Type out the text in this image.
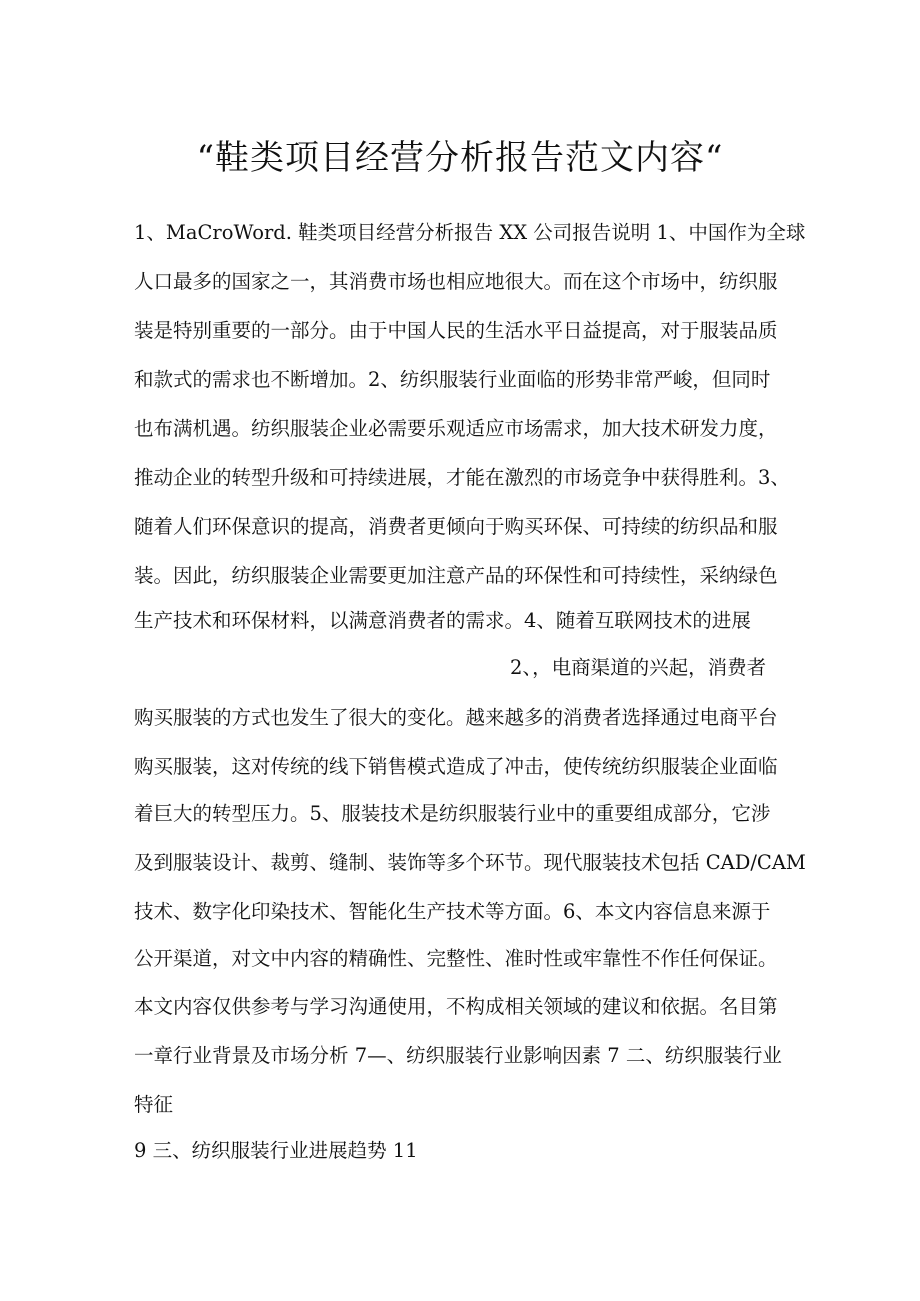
“鞋类项目经营分析报告范文内容“
1、MaCroWord. 鞋类项目经营分析报告 XX 公司报告说明 1、中国作为全球
人口最多的国家之一，其消费市场也相应地很大。而在这个市场中，纺织服
装是特别重要的一部分。由于中国人民的生活水平日益提高，对于服装品质
和款式的需求也不断增加。2、纺织服装行业面临的形势非常严峻，但同时
也布满机遇。纺织服装企业必需要乐观适应市场需求，加大技术研发力度，
推动企业的转型升级和可持续进展，才能在激烈的市场竞争中获得胜利。3、
随着人们环保意识的提高，消费者更倾向于购买环保、可持续的纺织品和服
装。因此，纺织服装企业需要更加注意产品的环保性和可持续性，采纳绿色
生产技术和环保材料，以满意消费者的需求。4、随着互联网技术的进展
2、，电商渠道的兴起，消费者
购买服装的方式也发生了很大的变化。越来越多的消费者选择通过电商平台
购买服装，这对传统的线下销售模式造成了冲击，使传统纺织服装企业面临
着巨大的转型压力。5、服装技术是纺织服装行业中的重要组成部分，它涉
及到服装设计、裁剪、缝制、装饰等多个环节。现代服装技术包括 CAD/CAM
技术、数字化印染技术、智能化生产技术等方面。6、本文内容信息来源于
公开渠道，对文中内容的精确性、完整性、准时性或牢靠性不作任何保证。
本文内容仅供参考与学习沟通使用，不构成相关领域的建议和依据。名目第
一章行业背景及市场分析 7—、纺织服装行业影响因素 7 二、纺织服装行业
特征
9 三、纺织服装行业进展趋势 11
